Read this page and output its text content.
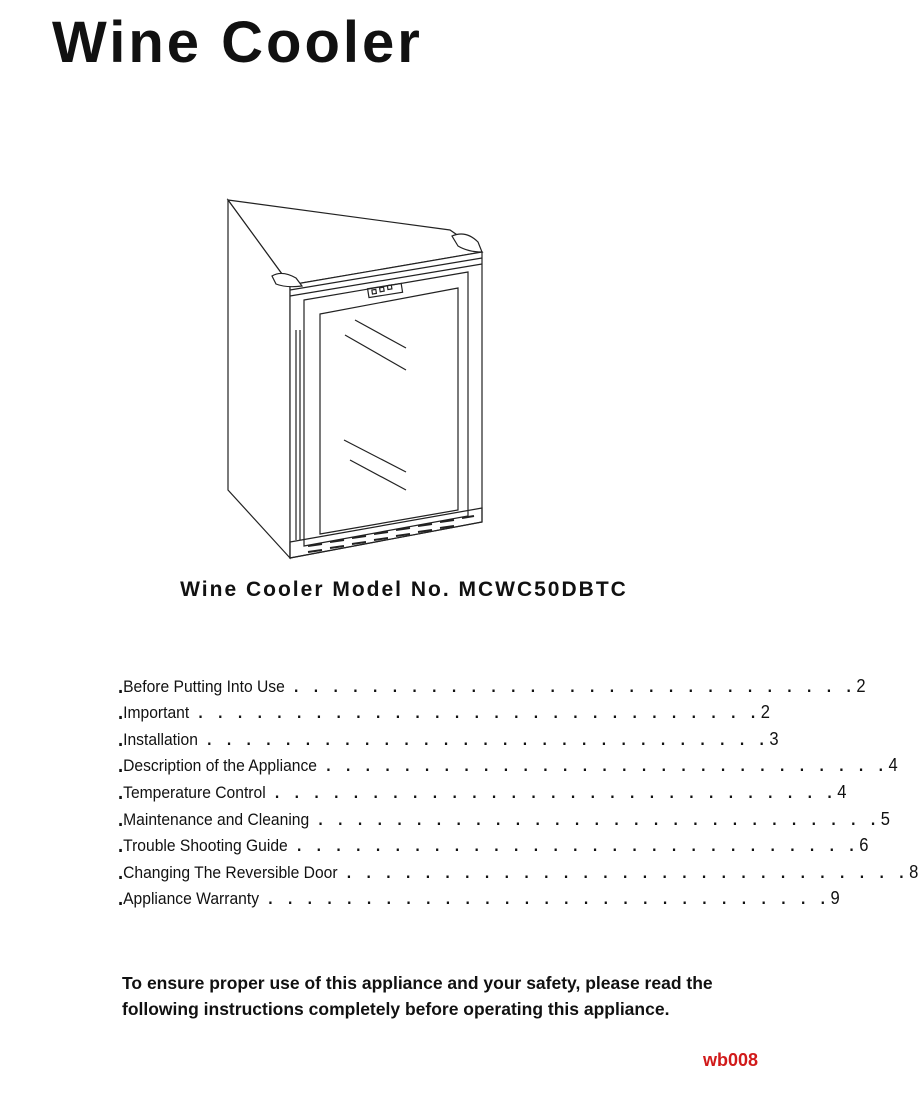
Wine Cooler

Wine Cooler Model No. MCWC50DBTC

. Before Putting Into Use . . . . . . . . . . . . . . . . . . . . . . . . . . . . . 2
. Important . . . . . . . . . . . . . . . . . . . . . . . . . . . . . 2
. Installation . . . . . . . . . . . . . . . . . . . . . . . . . . . . . 3
. Description of the Appliance . . . . . . . . . . . . . . . . . . . . . . . . . . . . . 4
. Temperature Control . . . . . . . . . . . . . . . . . . . . . . . . . . . . . 4
. Maintenance and Cleaning . . . . . . . . . . . . . . . . . . . . . . . . . . . . . 5
. Trouble Shooting Guide . . . . . . . . . . . . . . . . . . . . . . . . . . . . . 6
. Changing The Reversible Door . . . . . . . . . . . . . . . . . . . . . . . . . . . . . 8
. Appliance Warranty . . . . . . . . . . . . . . . . . . . . . . . . . . . . . 9

To ensure proper use of this appliance and your safety, please read the following instructions completely before operating this appliance.

wb008
